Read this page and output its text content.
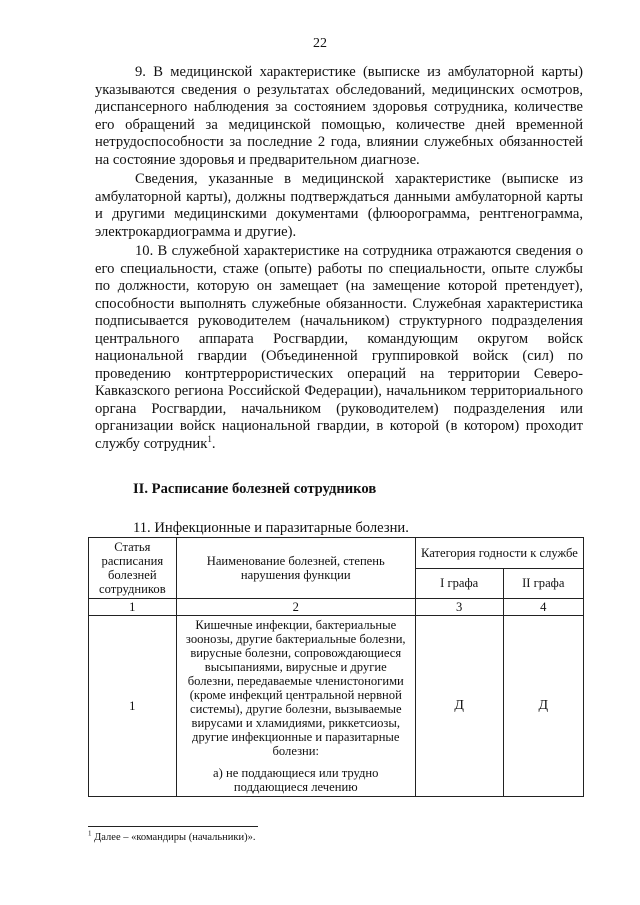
22

9. В медицинской характеристике (выписке из амбулаторной карты) указываются сведения о результатах обследований, медицинских осмотров, диспансерного наблюдения за состоянием здоровья сотрудника, количестве его обращений за медицинской помощью, количестве дней временной нетрудоспособности за последние 2 года, влиянии служебных обязанностей на состояние здоровья и предварительном диагнозе.

Сведения, указанные в медицинской характеристике (выписке из амбулаторной карты), должны подтверждаться данными амбулаторной карты и другими медицинскими документами (флюорограмма, рентгенограмма, электрокардиограмма и другие).

10. В служебной характеристике на сотрудника отражаются сведения о его специальности, стаже (опыте) работы по специальности, опыте службы по должности, которую он замещает (на замещение которой претендует), способности выполнять служебные обязанности. Служебная характеристика подписывается руководителем (начальником) структурного подразделения центрального аппарата Росгвардии, командующим округом войск национальной гвардии (Объединенной группировкой войск (сил) по проведению контртеррористических операций на территории Северо-Кавказского региона Российской Федерации), начальником территориального органа Росгвардии, начальником (руководителем) подразделения или организации войск национальной гвардии, в которой (в котором) проходит службу сотрудник$^1$.

II. Расписание болезней сотрудников
11. Инфекционные и паразитарные болезни.
Статья расписания болезней сотрудников	Наименование болезней, степень нарушения функции	Категория годности к службе	
		I графа	II графа
1	2	3	4
1	Кишечные инфекции, бактериальные зоонозы, другие бактериальные болезни, вирусные болезни, сопровождающиеся высыпаниями, вирусные и другие болезни, передаваемые членистоногими (кроме инфекций центральной нервной системы), другие болезни, вызываемые вирусами и хламидиями, риккетсиозы, другие инфекционные и паразитарные болезни:
а) не поддающиеся или трудно поддающиеся лечению	Д	Д
$^1$ Далее – «командиры (начальники)».
